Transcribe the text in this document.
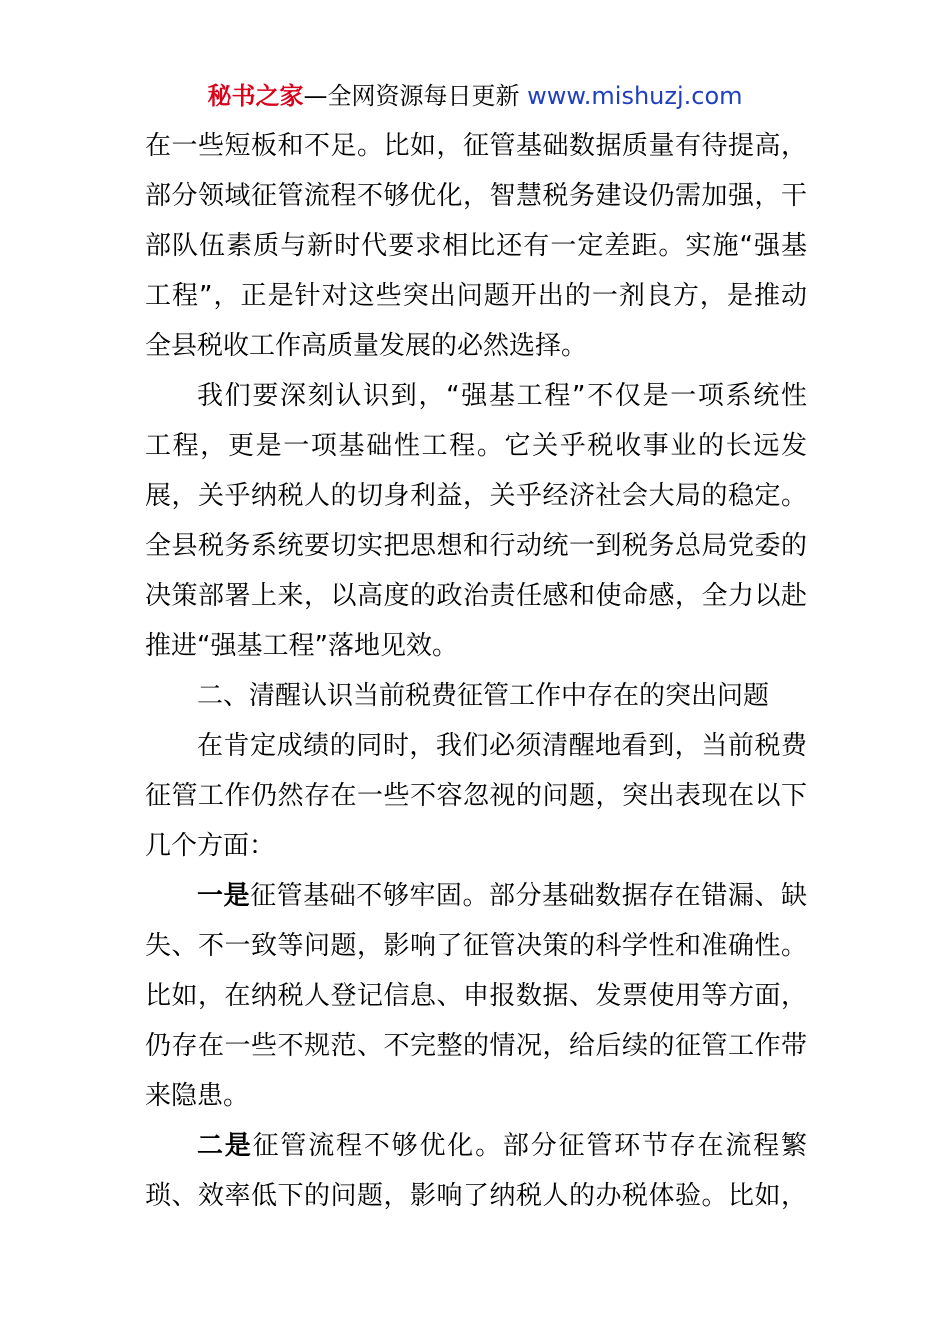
秘书之家—全网资源每日更新 www.mishuzj.com
在一些短板和不足。比如，征管基础数据质量有待提高，
部分领域征管流程不够优化，智慧税务建设仍需加强，干
部队伍素质与新时代要求相比还有一定差距。实施“强基
工程”，正是针对这些突出问题开出的一剂良方，是推动
全县税收工作高质量发展的必然选择。
我们要深刻认识到，“强基工程”不仅是一项系统性
工程，更是一项基础性工程。它关乎税收事业的长远发
展，关乎纳税人的切身利益，关乎经济社会大局的稳定。
全县税务系统要切实把思想和行动统一到税务总局党委的
决策部署上来，以高度的政治责任感和使命感，全力以赴
推进“强基工程”落地见效。
二、清醒认识当前税费征管工作中存在的突出问题
在肯定成绩的同时，我们必须清醒地看到，当前税费
征管工作仍然存在一些不容忽视的问题，突出表现在以下
几个方面：
一是征管基础不够牢固。部分基础数据存在错漏、缺
失、不一致等问题，影响了征管决策的科学性和准确性。
比如，在纳税人登记信息、申报数据、发票使用等方面，
仍存在一些不规范、不完整的情况，给后续的征管工作带
来隐患。
二是征管流程不够优化。部分征管环节存在流程繁
琐、效率低下的问题，影响了纳税人的办税体验。比如，
